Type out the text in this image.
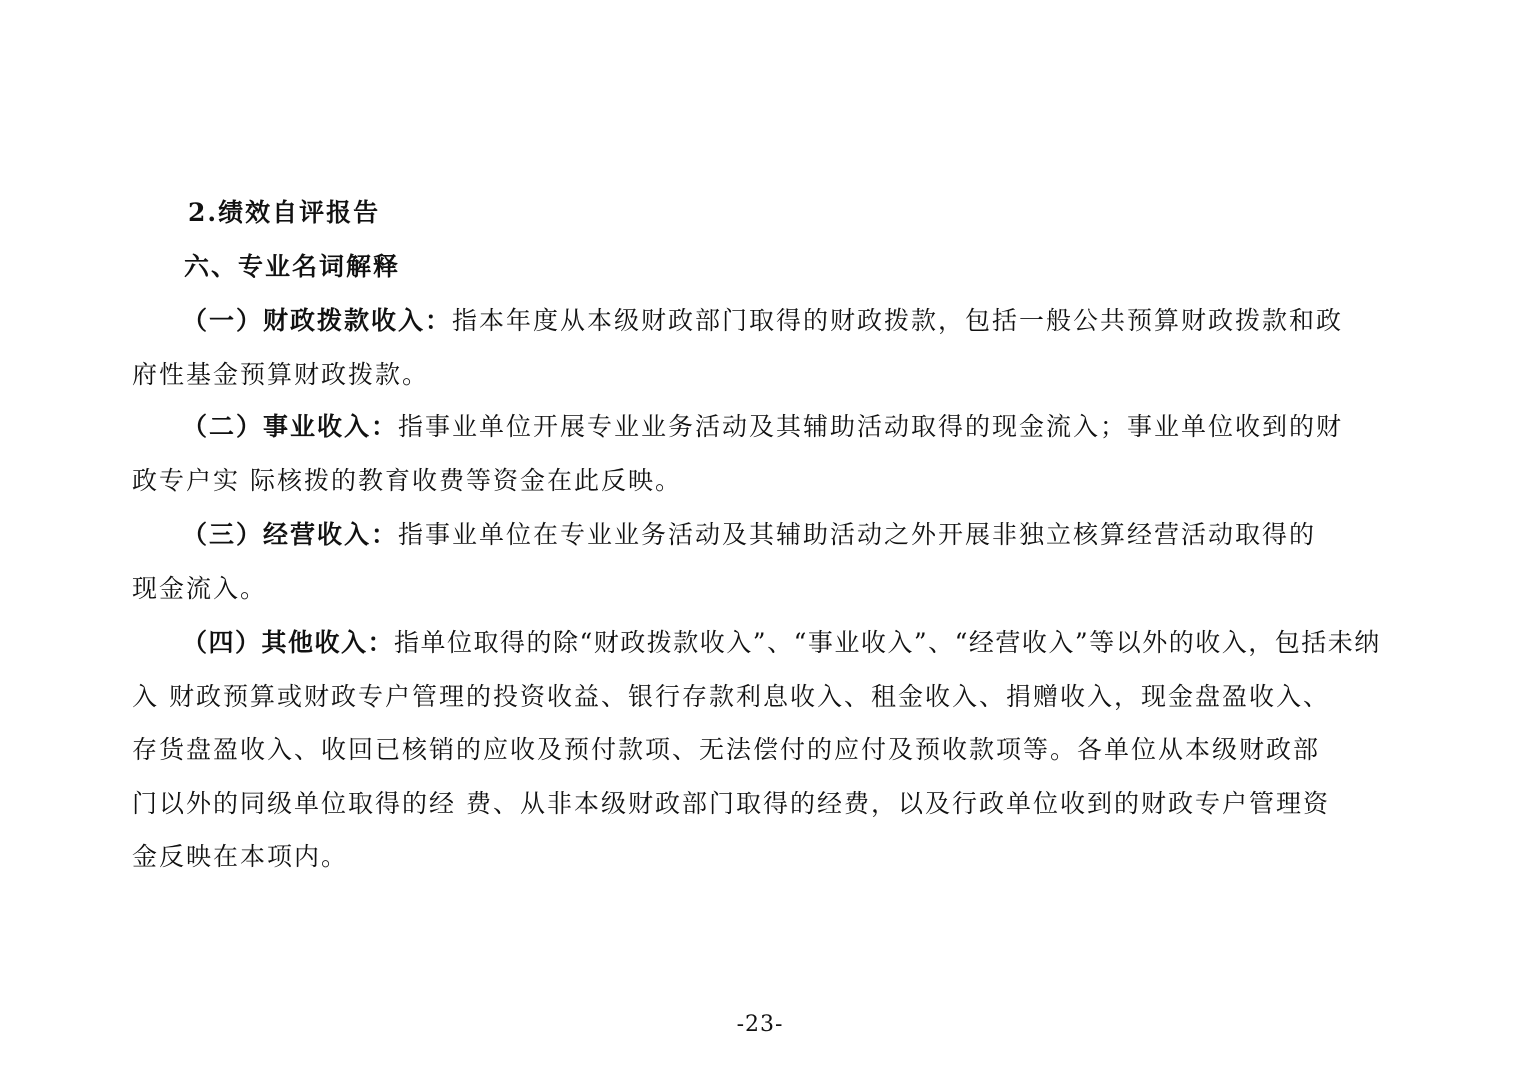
2.绩效自评报告
六、专业名词解释
（一）财政拨款收入：指本年度从本级财政部门取得的财政拨款，包括一般公共预算财政拨款和政
府性基金预算财政拨款。
（二）事业收入：指事业单位开展专业业务活动及其辅助活动取得的现金流入；事业单位收到的财
政专户实 际核拨的教育收费等资金在此反映。
（三）经营收入：指事业单位在专业业务活动及其辅助活动之外开展非独立核算经营活动取得的
现金流入。
（四）其他收入：指单位取得的除“财政拨款收入”、“事业收入”、“经营收入”等以外的收入，包括未纳
入 财政预算或财政专户管理的投资收益、银行存款利息收入、租金收入、捐赠收入，现金盘盈收入、
存货盘盈收入、收回已核销的应收及预付款项、无法偿付的应付及预收款项等。各单位从本级财政部
门以外的同级单位取得的经 费、从非本级财政部门取得的经费，以及行政单位收到的财政专户管理资
金反映在本项内。
-23-
